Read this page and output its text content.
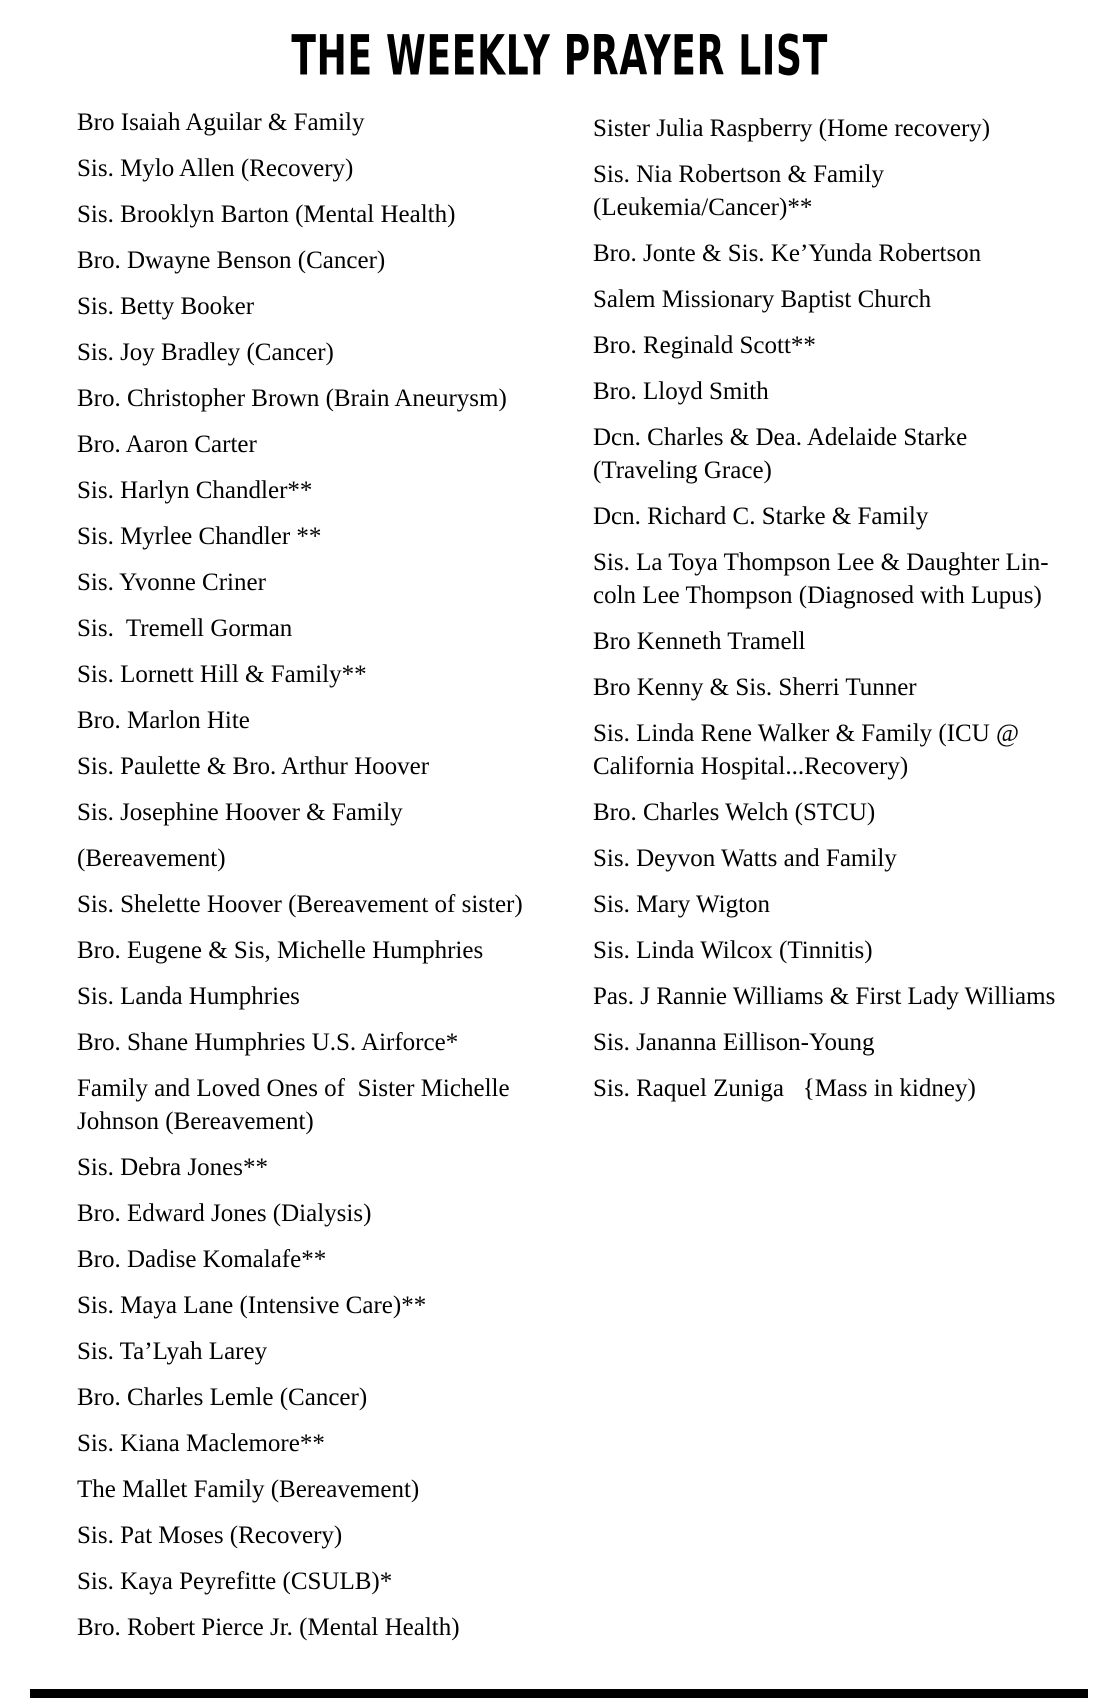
THE WEEKLY PRAYER LIST

Bro Isaiah Aguilar & Family

Sis. Mylo Allen (Recovery)

Sis. Brooklyn Barton (Mental Health)

Bro. Dwayne Benson (Cancer)

Sis. Betty Booker

Sis. Joy Bradley (Cancer)

Bro. Christopher Brown (Brain Aneurysm)

Bro. Aaron Carter

Sis. Harlyn Chandler**

Sis. Myrlee Chandler **

Sis. Yvonne Criner

Sis.  Tremell Gorman

Sis. Lornett Hill & Family**

Bro. Marlon Hite

Sis. Paulette & Bro. Arthur Hoover

Sis. Josephine Hoover & Family

(Bereavement)

Sis. Shelette Hoover (Bereavement of sister)

Bro. Eugene & Sis, Michelle Humphries

Sis. Landa Humphries

Bro. Shane Humphries U.S. Airforce*

Family and Loved Ones of  Sister Michelle
Johnson (Bereavement)

Sis. Debra Jones**

Bro. Edward Jones (Dialysis)

Bro. Dadise Komalafe**

Sis. Maya Lane (Intensive Care)**

Sis. Ta’Lyah Larey

Bro. Charles Lemle (Cancer)

Sis. Kiana Maclemore**

The Mallet Family (Bereavement)

Sis. Pat Moses (Recovery)

Sis. Kaya Peyrefitte (CSULB)*

Bro. Robert Pierce Jr. (Mental Health)

Sister Julia Raspberry (Home recovery)

Sis. Nia Robertson & Family
(Leukemia/Cancer)**

Bro. Jonte & Sis. Ke’Yunda Robertson

Salem Missionary Baptist Church

Bro. Reginald Scott**

Bro. Lloyd Smith

Dcn. Charles & Dea. Adelaide Starke
(Traveling Grace)

Dcn. Richard C. Starke & Family

Sis. La Toya Thompson Lee & Daughter Lin-
coln Lee Thompson (Diagnosed with Lupus)

Bro Kenneth Tramell

Bro Kenny & Sis. Sherri Tunner

Sis. Linda Rene Walker & Family (ICU @
California Hospital...Recovery)

Bro. Charles Welch (STCU)

Sis. Deyvon Watts and Family

Sis. Mary Wigton

Sis. Linda Wilcox (Tinnitis)

Pas. J Rannie Williams & First Lady Williams

Sis. Jananna Eillison-Young

Sis. Raquel Zuniga   {Mass in kidney)
